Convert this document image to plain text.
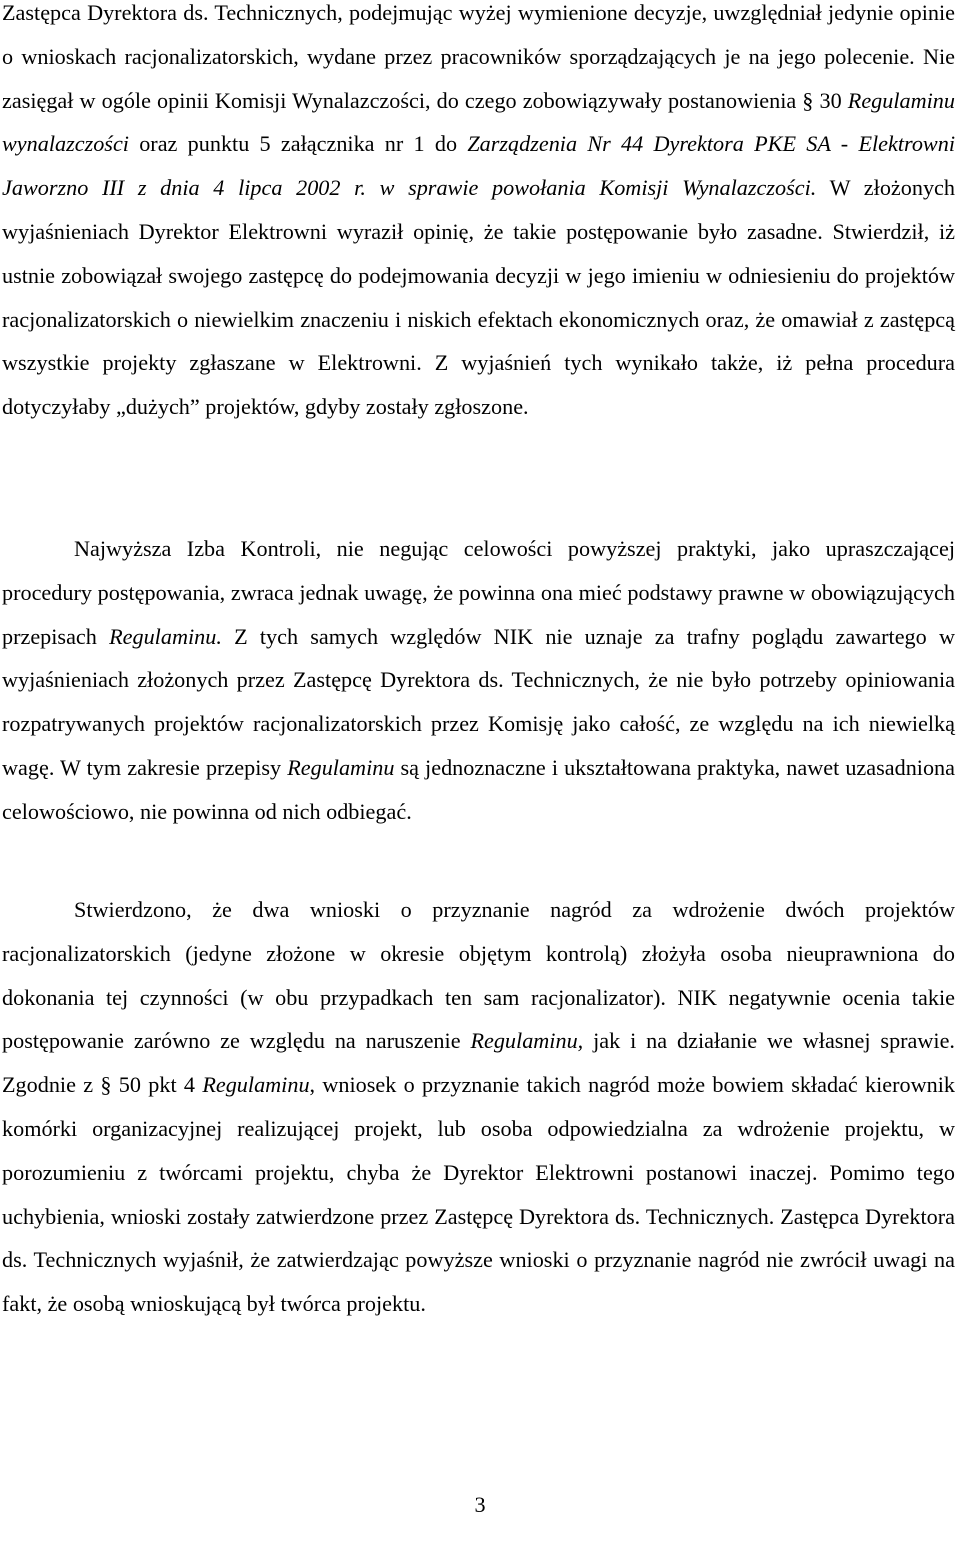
Zastępca Dyrektora ds. Technicznych, podejmując wyżej wymienione decyzje, uwzględniał jedynie opinie o wnioskach racjonalizatorskich, wydane przez pracowników sporządzających je na jego polecenie. Nie zasięgał w ogóle opinii Komisji Wynalazczości, do czego zobowiązywały postanowienia § 30 Regulaminu wynalazczości oraz punktu 5 załącznika nr 1 do Zarządzenia Nr 44 Dyrektora PKE SA - Elektrowni Jaworzno III z dnia 4 lipca 2002 r. w sprawie powołania Komisji Wynalazczości. W złożonych wyjaśnieniach Dyrektor Elektrowni wyraził opinię, że takie postępowanie było zasadne. Stwierdził, iż ustnie zobowiązał swojego zastępcę do podejmowania decyzji w jego imieniu w odniesieniu do projektów racjonalizatorskich o niewielkim znaczeniu i niskich efektach ekonomicznych oraz, że omawiał z zastępcą wszystkie projekty zgłaszane w Elektrowni. Z wyjaśnień tych wynikało także, iż pełna procedura dotyczyłaby „dużych” projektów, gdyby zostały zgłoszone.

Najwyższa Izba Kontroli, nie negując celowości powyższej praktyki, jako upraszczającej procedury postępowania, zwraca jednak uwagę, że powinna ona mieć podstawy prawne w obowiązujących przepisach Regulaminu. Z tych samych względów NIK nie uznaje za trafny poglądu zawartego w wyjaśnieniach złożonych przez Zastępcę Dyrektora ds. Technicznych, że nie było potrzeby opiniowania rozpatrywanych projektów racjonalizatorskich przez Komisję jako całość, ze względu na ich niewielką wagę. W tym zakresie przepisy Regulaminu są jednoznaczne i ukształtowana praktyka, nawet uzasadniona celowościowo, nie powinna od nich odbiegać.

Stwierdzono, że dwa wnioski o przyznanie nagród za wdrożenie dwóch projektów racjonalizatorskich (jedyne złożone w okresie objętym kontrolą) złożyła osoba nieuprawniona do dokonania tej czynności (w obu przypadkach ten sam racjonalizator). NIK negatywnie ocenia takie postępowanie zarówno ze względu na naruszenie Regulaminu, jak i na działanie we własnej sprawie. Zgodnie z § 50 pkt 4 Regulaminu, wniosek o przyznanie takich nagród może bowiem składać kierownik komórki organizacyjnej realizującej projekt, lub osoba odpowiedzialna za wdrożenie projektu, w porozumieniu z twórcami projektu, chyba że Dyrektor Elektrowni postanowi inaczej. Pomimo tego uchybienia, wnioski zostały zatwierdzone przez Zastępcę Dyrektora ds. Technicznych. Zastępca Dyrektora ds. Technicznych wyjaśnił, że zatwierdzając powyższe wnioski o przyznanie nagród nie zwrócił uwagi na fakt, że osobą wnioskującą był twórca projektu.

3
